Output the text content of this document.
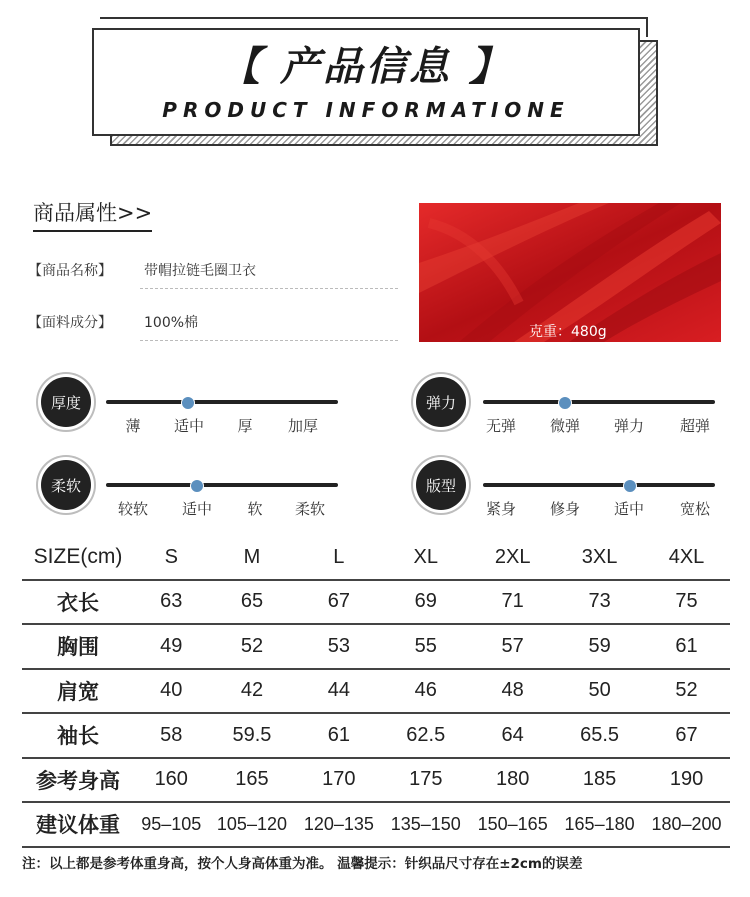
【 产品信息 】
PRODUCT INFORMATIONE
商品属性>>
【商品名称】 带帽拉链毛圈卫衣
【面料成分】 100%棉
克重：480g
厚度
薄	适中	厚	加厚
弹力
无弹	微弹	弹力	超弹
柔软
较软	适中	软	柔软
版型
紧身	修身	适中	宽松
SIZE(cm)	S	M	L	XL	2XL	3XL	4XL
衣长	63	65	67	69	71	73	75
胸围	49	52	53	55	57	59	61
肩宽	40	42	44	46	48	50	52
袖长	58	59.5	61	62.5	64	65.5	67
参考身高	160	165	170	175	180	185	190
建议体重	95–105	105–120	120–135	135–150	150–165	165–180	180–200
注：以上都是参考体重身高，按个人身高体重为准。 温馨提示：针织品尺寸存在±2cm的误差
